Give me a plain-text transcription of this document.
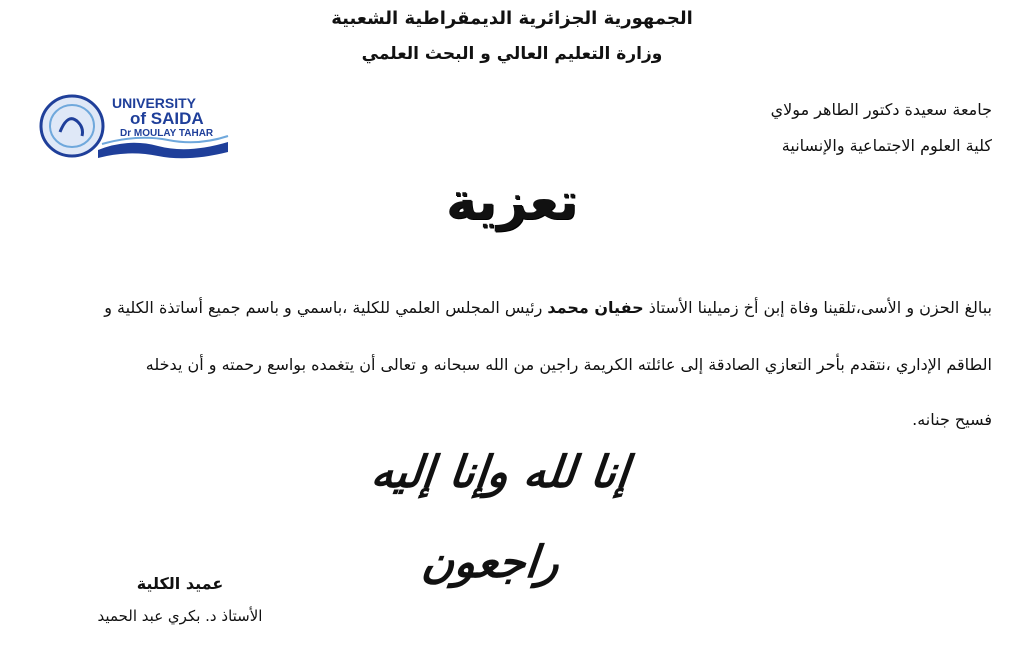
الجمهورية الجزائرية الديمقراطية الشعبية
وزارة التعليم العالي و البحث العلمي
UNIVERSITY
of SAIDA
Dr MOULAY TAHAR
جامعة سعيدة دكتور الطاهر مولاي
كلية العلوم الاجتماعية والإنسانية
تعزية
ببالغ الحزن و الأسى،تلقينا وفاة إبن أخ زميلينا الأستاذ حفيان محمد رئيس المجلس العلمي للكلية ،باسمي و باسم جميع أساتذة الكلية و
الطاقم الإداري ،نتقدم بأحر التعازي الصادقة إلى عائلته الكريمة راجين من الله سبحانه و تعالى أن يتغمده بواسع رحمته و أن يدخله
فسيح جنانه.
إنا لله وإنا إليه راجعون
عميد الكلية
الأستاذ د. بكري عبد الحميد
